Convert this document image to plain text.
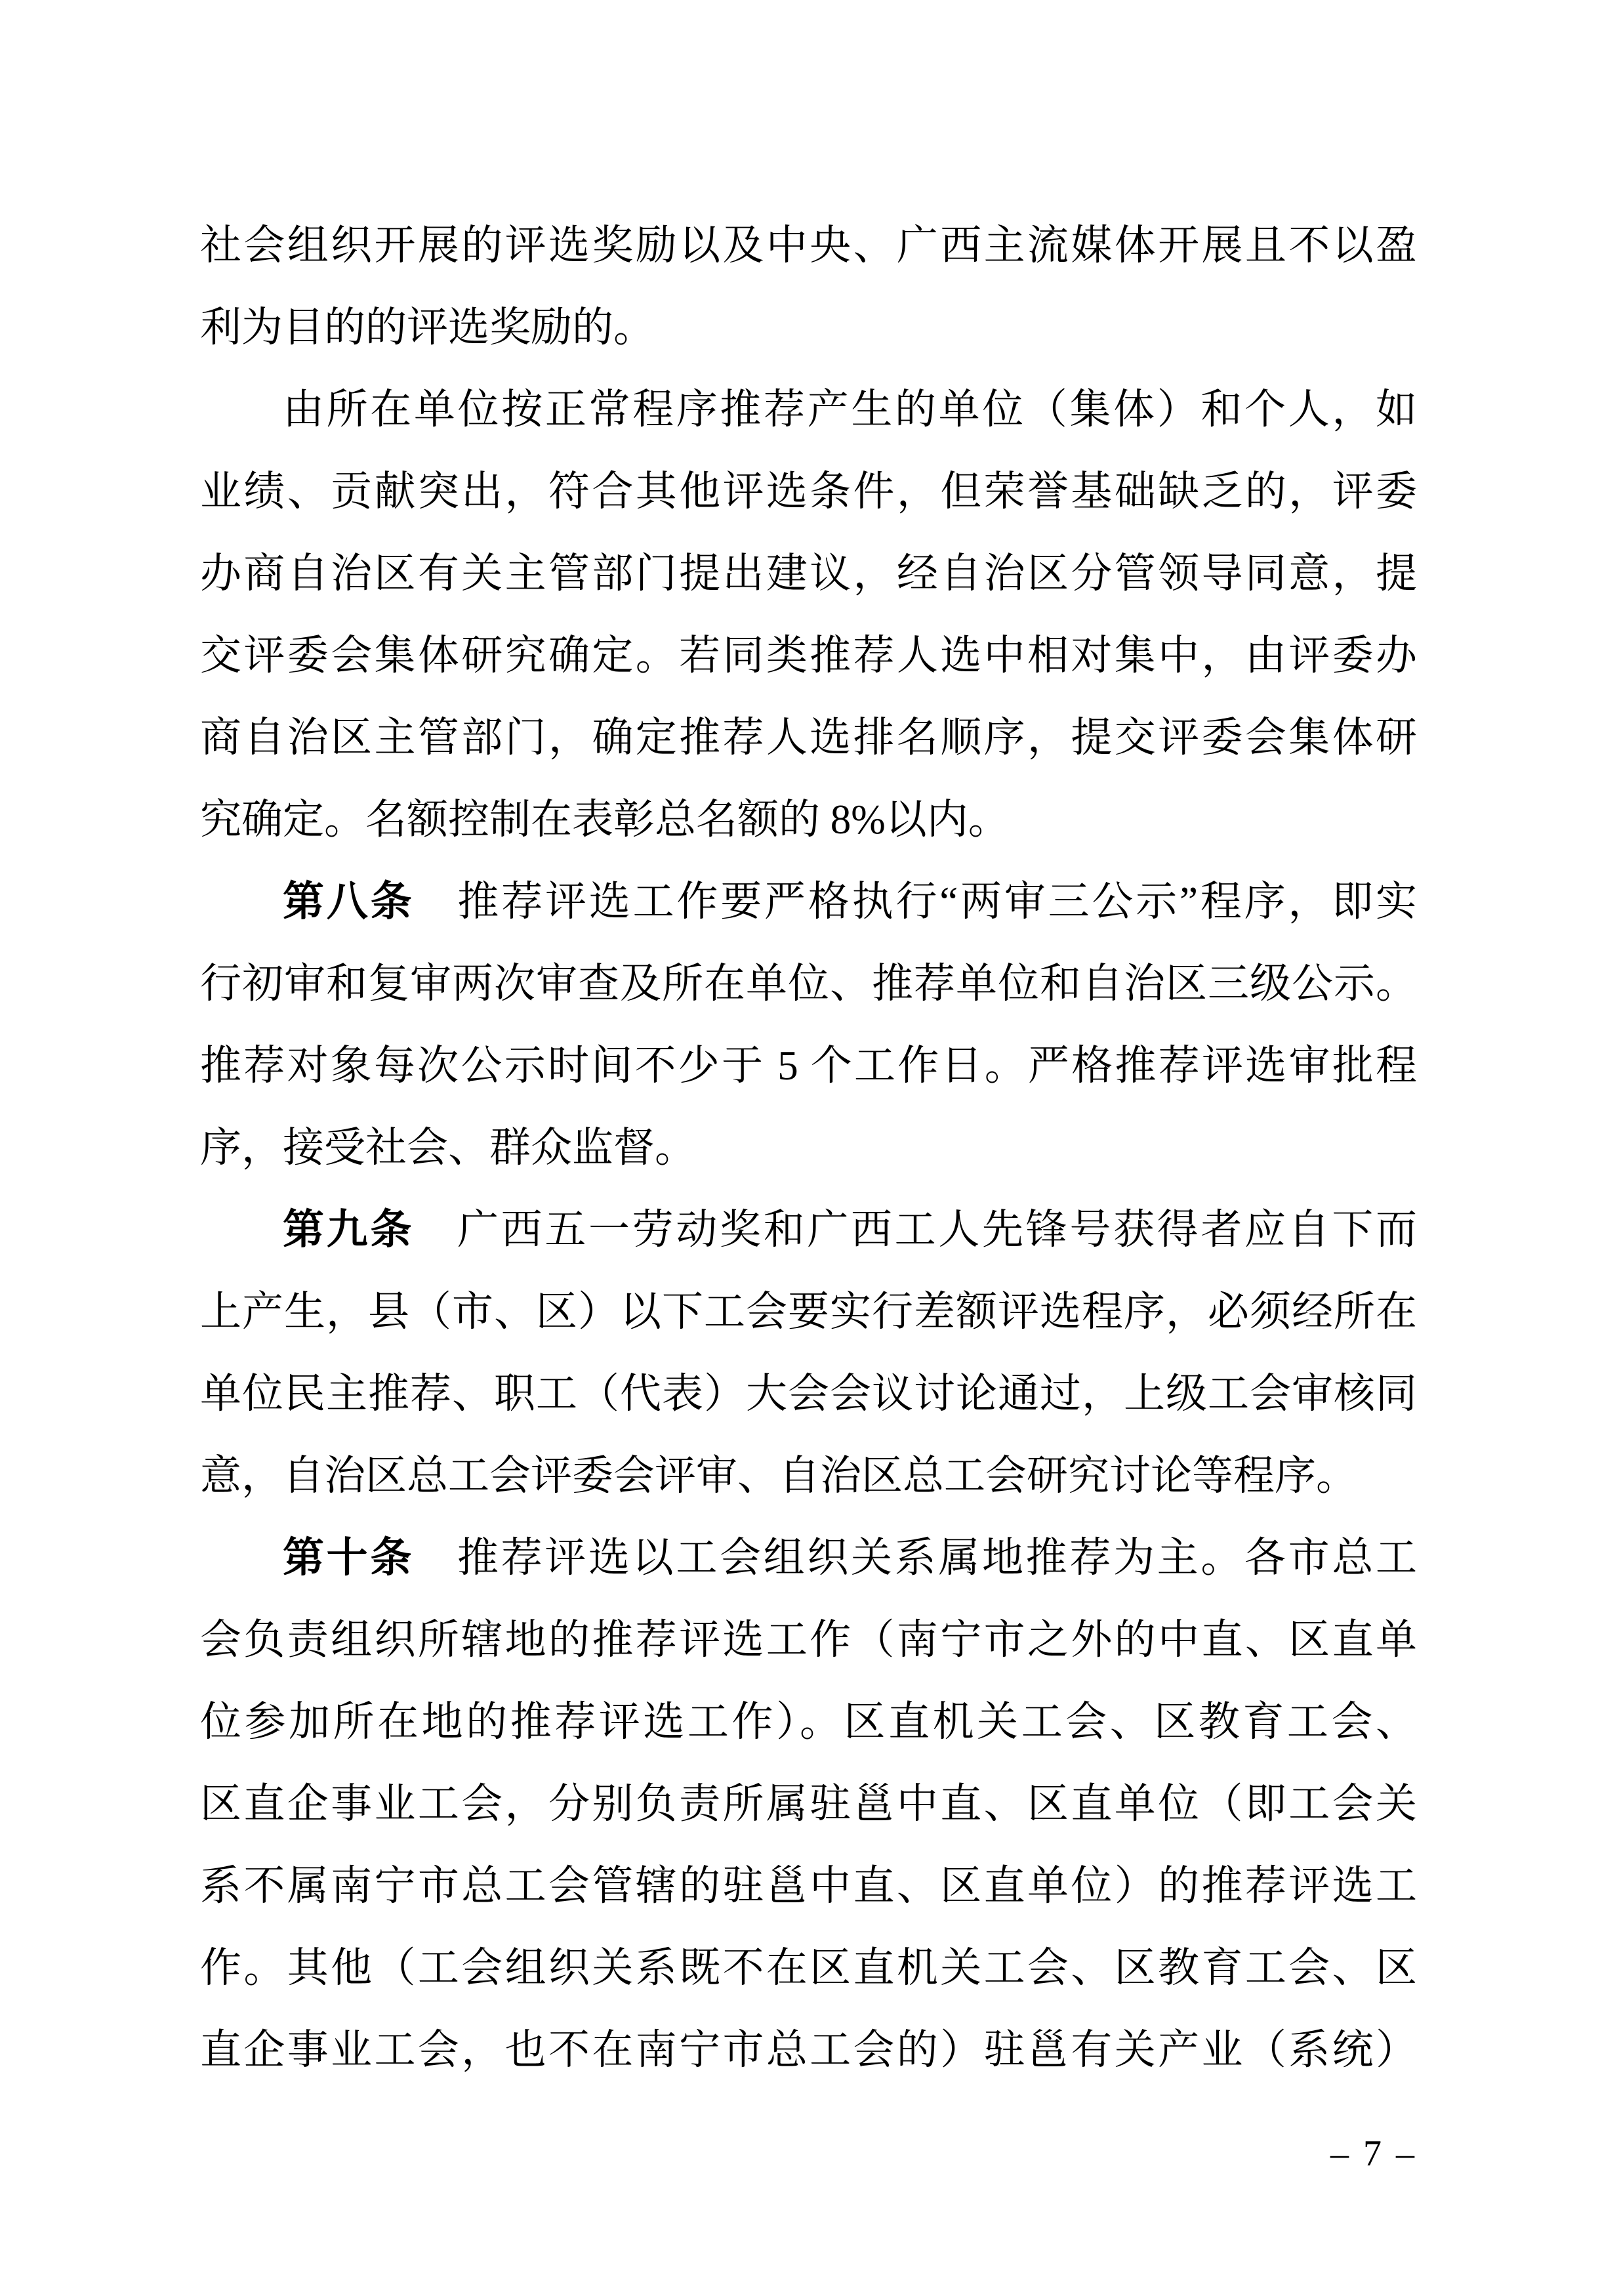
社会组织开展的评选奖励以及中央、广西主流媒体开展且不以盈
利为目的的评选奖励的。
由所在单位按正常程序推荐产生的单位（集体）和个人，如
业绩、贡献突出，符合其他评选条件，但荣誉基础缺乏的，评委
办商自治区有关主管部门提出建议，经自治区分管领导同意，提
交评委会集体研究确定。若同类推荐人选中相对集中，由评委办
商自治区主管部门，确定推荐人选排名顺序，提交评委会集体研
究确定。名额控制在表彰总名额的 8%以内。
第八条 推荐评选工作要严格执行“两审三公示”程序，即实
行初审和复审两次审查及所在单位、推荐单位和自治区三级公示。
推荐对象每次公示时间不少于 5 个工作日。严格推荐评选审批程
序，接受社会、群众监督。
第九条 广西五一劳动奖和广西工人先锋号获得者应自下而
上产生，县（市、区）以下工会要实行差额评选程序，必须经所在
单位民主推荐、职工（代表）大会会议讨论通过，上级工会审核同
意，自治区总工会评委会评审、自治区总工会研究讨论等程序。
第十条 推荐评选以工会组织关系属地推荐为主。各市总工
会负责组织所辖地的推荐评选工作（南宁市之外的中直、区直单
位参加所在地的推荐评选工作）。区直机关工会、区教育工会、
区直企事业工会，分别负责所属驻邕中直、区直单位（即工会关
系不属南宁市总工会管辖的驻邕中直、区直单位）的推荐评选工
作。其他（工会组织关系既不在区直机关工会、区教育工会、区
直企事业工会，也不在南宁市总工会的）驻邕有关产业（系统）
– 7 –
